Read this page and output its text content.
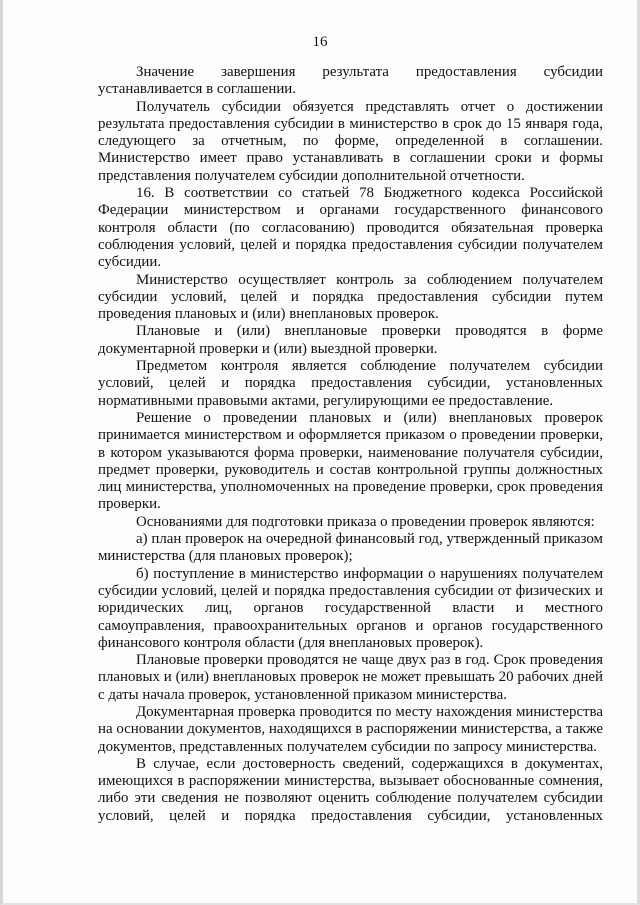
16

Значение завершения результата предоставления субсидии устанавливается в соглашении.

Получатель субсидии обязуется представлять отчет о достижении результата предоставления субсидии в министерство в срок до 15 января года, следующего за отчетным, по форме, определенной в соглашении. Министерство имеет право устанавливать в соглашении сроки и формы представления получателем субсидии дополнительной отчетности.

16. В соответствии со статьей 78 Бюджетного кодекса Российской Федерации министерством и органами государственного финансового контроля области (по согласованию) проводится обязательная проверка соблюдения условий, целей и порядка предоставления субсидии получателем субсидии.

Министерство осуществляет контроль за соблюдением получателем субсидии условий, целей и порядка предоставления субсидии путем проведения плановых и (или) внеплановых проверок.

Плановые и (или) внеплановые проверки проводятся в форме документарной проверки и (или) выездной проверки.

Предметом контроля является соблюдение получателем субсидии условий, целей и порядка предоставления субсидии, установленных нормативными правовыми актами, регулирующими ее предоставление.

Решение о проведении плановых и (или) внеплановых проверок принимается министерством и оформляется приказом о проведении проверки, в котором указываются форма проверки, наименование получателя субсидии, предмет проверки, руководитель и состав контрольной группы должностных лиц министерства, уполномоченных на проведение проверки, срок проведения проверки.

Основаниями для подготовки приказа о проведении проверок являются:

а) план проверок на очередной финансовый год, утвержденный приказом министерства (для плановых проверок);

б) поступление в министерство информации о нарушениях получателем субсидии условий, целей и порядка предоставления субсидии от физических и юридических лиц, органов государственной власти и местного самоуправления, правоохранительных органов и органов государственного финансового контроля области (для внеплановых проверок).

Плановые проверки проводятся не чаще двух раз в год. Срок проведения плановых и (или) внеплановых проверок не может превышать 20 рабочих дней с даты начала проверок, установленной приказом министерства.

Документарная проверка проводится по месту нахождения министерства на основании документов, находящихся в распоряжении министерства, а также документов, представленных получателем субсидии по запросу министерства.

В случае, если достоверность сведений, содержащихся в документах, имеющихся в распоряжении министерства, вызывает обоснованные сомнения, либо эти сведения не позволяют оценить соблюдение получателем субсидии условий, целей и порядка предоставления субсидии, установленных
